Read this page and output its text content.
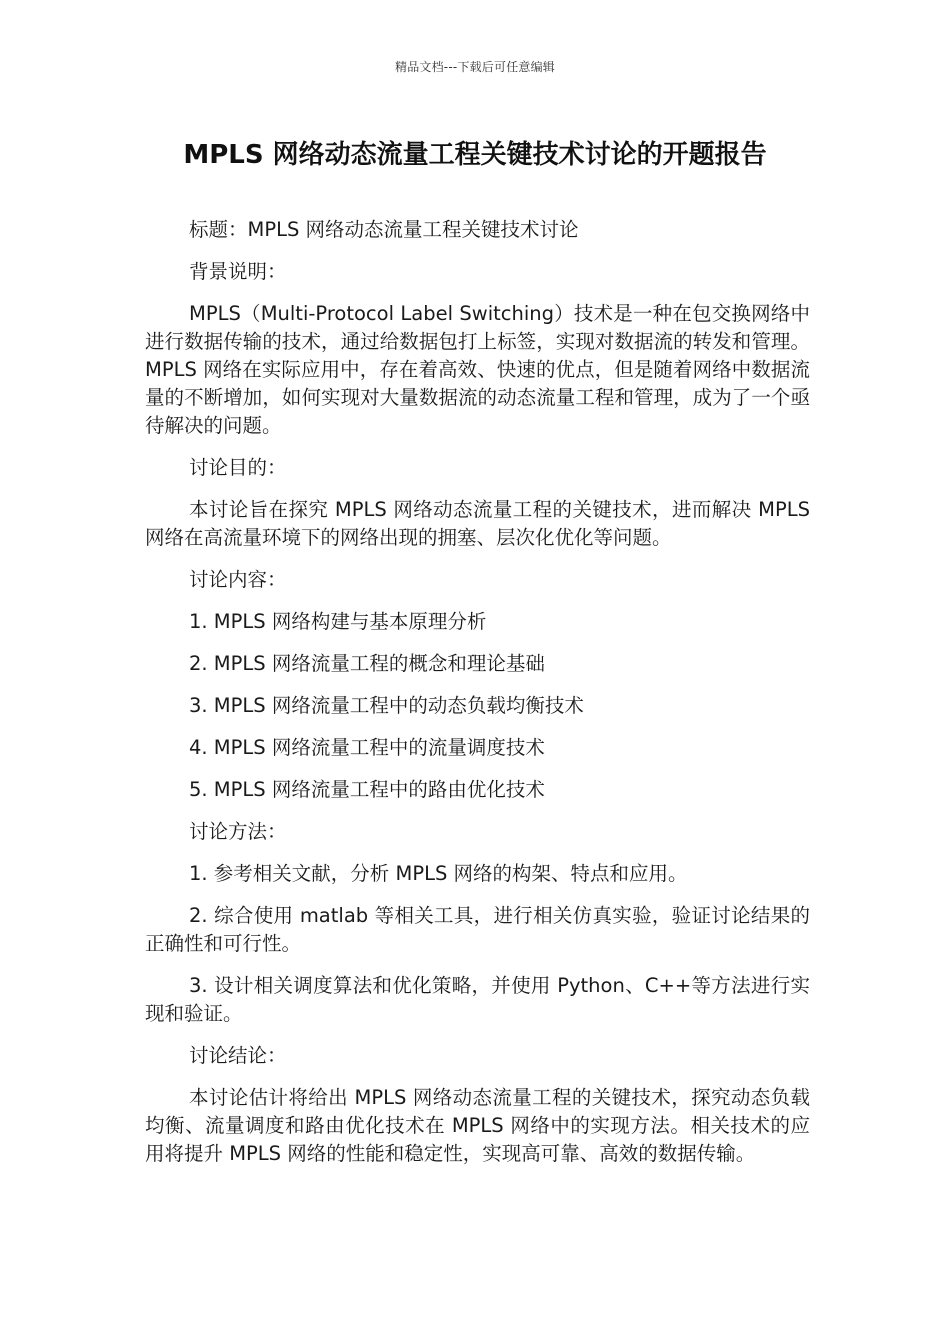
精品文档---下载后可任意编辑
MPLS 网络动态流量工程关键技术讨论的开题报告

标题：MPLS 网络动态流量工程关键技术讨论

背景说明：

MPLS（Multi-Protocol Label Switching）技术是一种在包交换网络中进行数据传输的技术，通过给数据包打上标签，实现对数据流的转发和管理。MPLS 网络在实际应用中，存在着高效、快速的优点，但是随着网络中数据流量的不断增加，如何实现对大量数据流的动态流量工程和管理，成为了一个亟待解决的问题。

讨论目的：

本讨论旨在探究 MPLS 网络动态流量工程的关键技术，进而解决 MPLS 网络在高流量环境下的网络出现的拥塞、层次化优化等问题。

讨论内容：

1. MPLS 网络构建与基本原理分析

2. MPLS 网络流量工程的概念和理论基础

3. MPLS 网络流量工程中的动态负载均衡技术

4. MPLS 网络流量工程中的流量调度技术

5. MPLS 网络流量工程中的路由优化技术

讨论方法：

1. 参考相关文献，分析 MPLS 网络的构架、特点和应用。

2. 综合使用 matlab 等相关工具，进行相关仿真实验，验证讨论结果的正确性和可行性。

3. 设计相关调度算法和优化策略，并使用 Python、C++等方法进行实现和验证。

讨论结论：

本讨论估计将给出 MPLS 网络动态流量工程的关键技术，探究动态负载均衡、流量调度和路由优化技术在 MPLS 网络中的实现方法。相关技术的应用将提升 MPLS 网络的性能和稳定性，实现高可靠、高效的数据传输。
